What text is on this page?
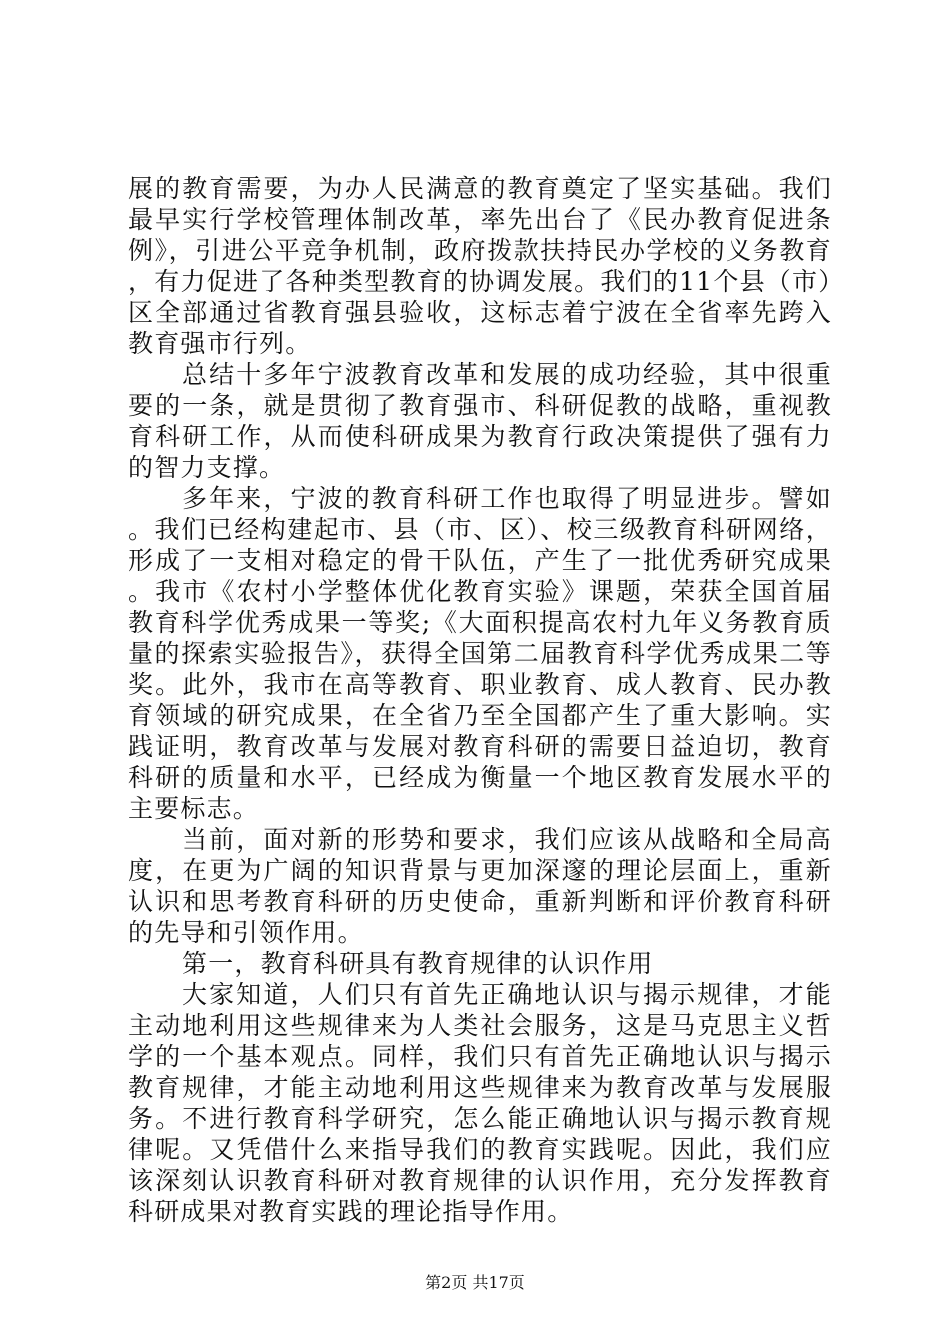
展的教育需要，为办人民满意的教育奠定了坚实基础。我们最早实行学校管理体制改革，率先出台了《民办教育促进条例》，引进公平竞争机制，政府拨款扶持民办学校的义务教育，有力促进了各种类型教育的协调发展。我们的11个县（市）区全部通过省教育强县验收，这标志着宁波在全省率先跨入教育强市行列。

总结十多年宁波教育改革和发展的成功经验，其中很重要的一条，就是贯彻了教育强市、科研促教的战略，重视教育科研工作，从而使科研成果为教育行政决策提供了强有力的智力支撑。

多年来，宁波的教育科研工作也取得了明显进步。譬如。我们已经构建起市、县（市、区）、校三级教育科研网络，形成了一支相对稳定的骨干队伍，产生了一批优秀研究成果。我市《农村小学整体优化教育实验》课题，荣获全国首届教育科学优秀成果一等奖;《大面积提高农村九年义务教育质量的探索实验报告》，获得全国第二届教育科学优秀成果二等奖。此外，我市在高等教育、职业教育、成人教育、民办教育领域的研究成果，在全省乃至全国都产生了重大影响。实践证明，教育改革与发展对教育科研的需要日益迫切，教育科研的质量和水平，已经成为衡量一个地区教育发展水平的主要标志。

当前，面对新的形势和要求，我们应该从战略和全局高度，在更为广阔的知识背景与更加深邃的理论层面上，重新认识和思考教育科研的历史使命，重新判断和评价教育科研的先导和引领作用。

第一，教育科研具有教育规律的认识作用

大家知道，人们只有首先正确地认识与揭示规律，才能主动地利用这些规律来为人类社会服务，这是马克思主义哲学的一个基本观点。同样，我们只有首先正确地认识与揭示教育规律，才能主动地利用这些规律来为教育改革与发展服务。不进行教育科学研究，怎么能正确地认识与揭示教育规律呢。又凭借什么来指导我们的教育实践呢。因此，我们应该深刻认识教育科研对教育规律的认识作用，充分发挥教育科研成果对教育实践的理论指导作用。

第2页 共17页
